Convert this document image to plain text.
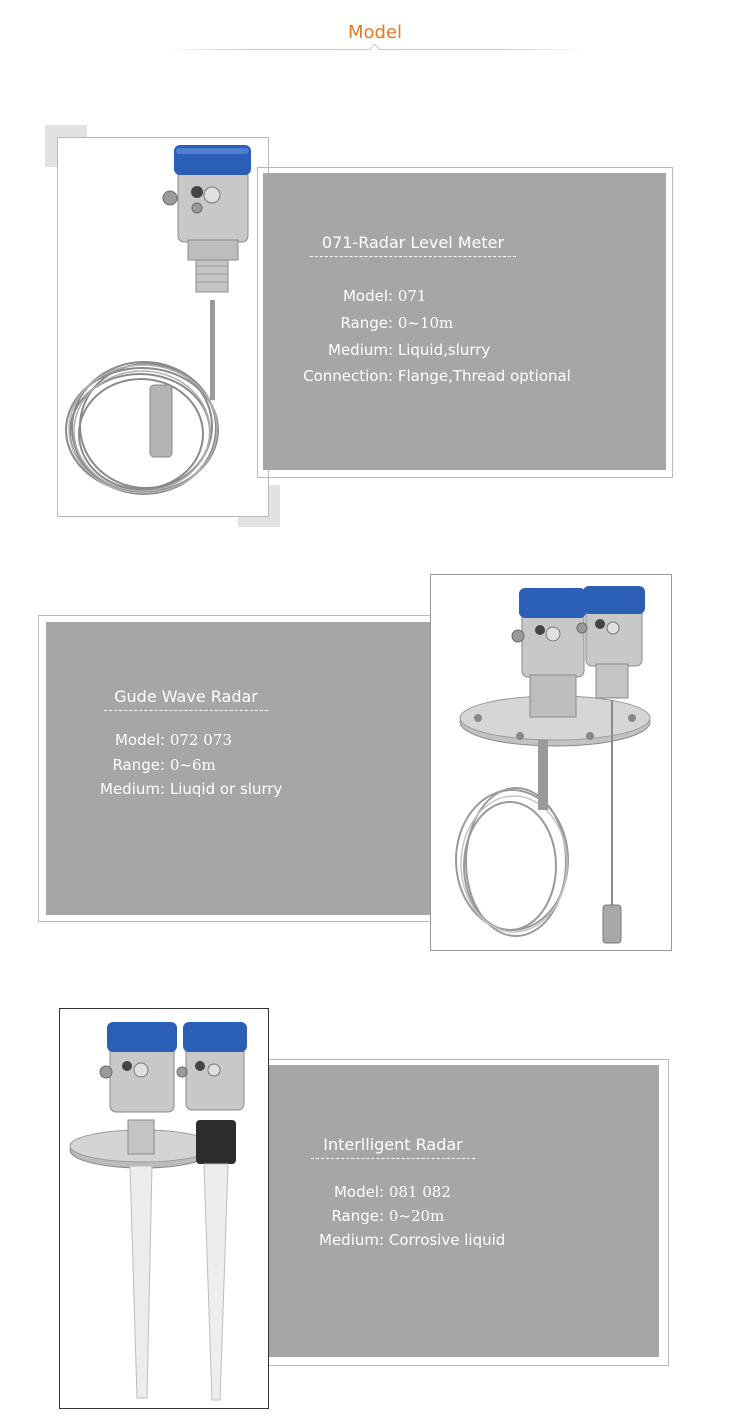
Model
071-Radar Level Meter
Model: 071
Range: 0~10m
Medium: Liquid,slurry
Connection: Flange,Thread optional
Gude Wave Radar
Model: 072 073
Range: 0~6m
Medium: Liuqid or slurry
Interlligent Radar
Model: 081 082
Range: 0~20m
Medium: Corrosive liquid
